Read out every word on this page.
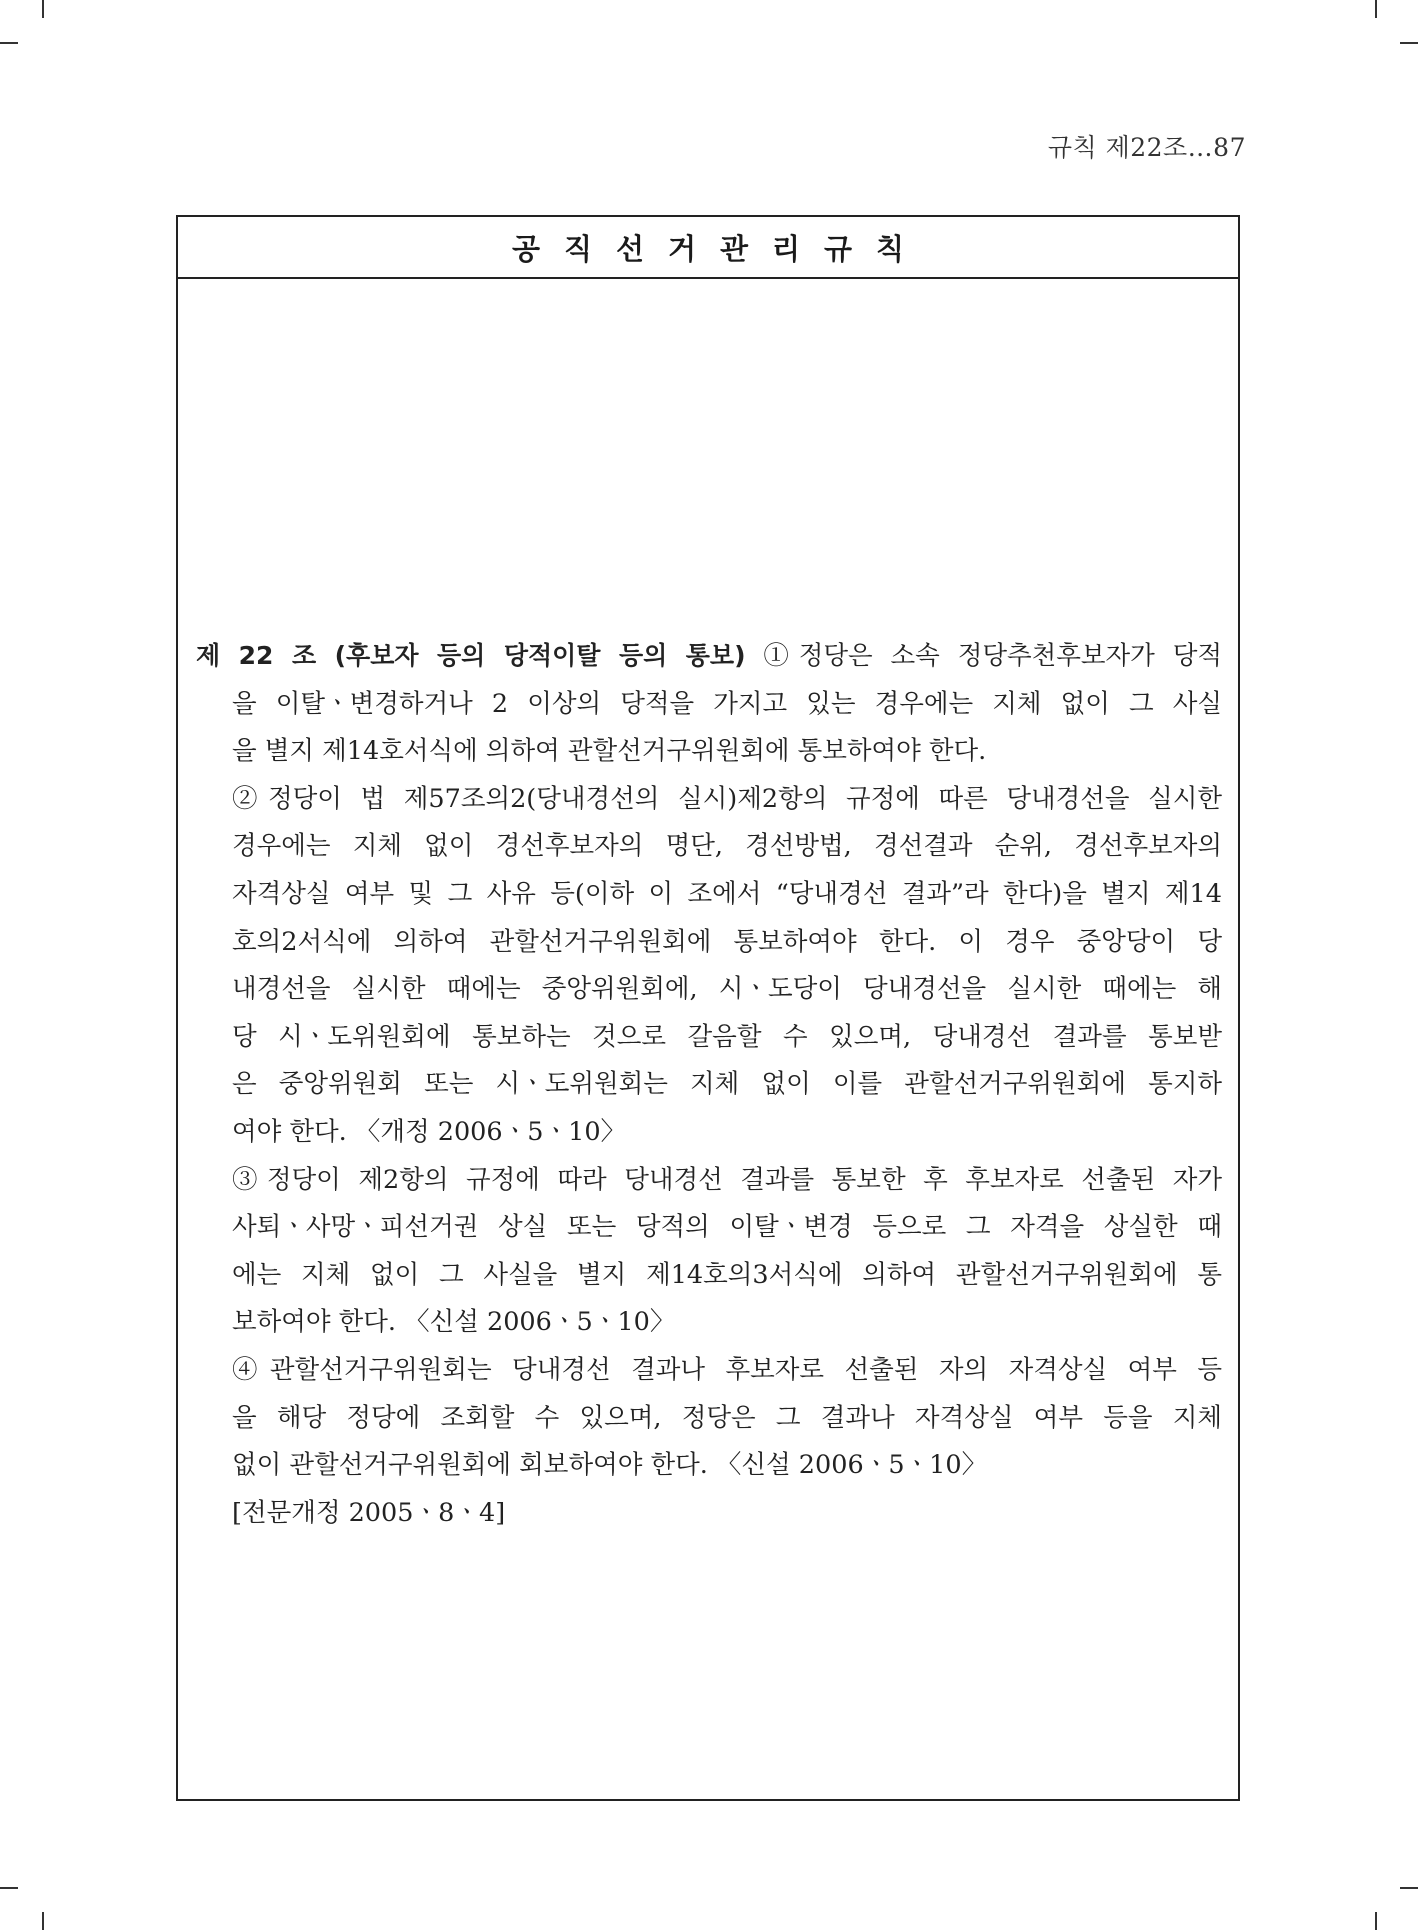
규칙 제22조…87
공직선거관리규칙
제 22 조 (후보자 등의 당적이탈 등의 통보) ①정당은 소속 정당추천후보자가 당적
을 이탈ㆍ변경하거나 2 이상의 당적을 가지고 있는 경우에는 지체 없이 그 사실
을 별지 제14호서식에 의하여 관할선거구위원회에 통보하여야 한다.
②정당이 법 제57조의2(당내경선의 실시)제2항의 규정에 따른 당내경선을 실시한
경우에는 지체 없이 경선후보자의 명단, 경선방법, 경선결과 순위, 경선후보자의
자격상실 여부 및 그 사유 등(이하 이 조에서 “당내경선 결과”라 한다)을 별지 제14
호의2서식에 의하여 관할선거구위원회에 통보하여야 한다. 이 경우 중앙당이 당
내경선을 실시한 때에는 중앙위원회에, 시ㆍ도당이 당내경선을 실시한 때에는 해
당 시ㆍ도위원회에 통보하는 것으로 갈음할 수 있으며, 당내경선 결과를 통보받
은 중앙위원회 또는 시ㆍ도위원회는 지체 없이 이를 관할선거구위원회에 통지하
여야 한다. 〈개정 2006ㆍ5ㆍ10〉
③정당이 제2항의 규정에 따라 당내경선 결과를 통보한 후 후보자로 선출된 자가
사퇴ㆍ사망ㆍ피선거권 상실 또는 당적의 이탈ㆍ변경 등으로 그 자격을 상실한 때
에는 지체 없이 그 사실을 별지 제14호의3서식에 의하여 관할선거구위원회에 통
보하여야 한다. 〈신설 2006ㆍ5ㆍ10〉
④관할선거구위원회는 당내경선 결과나 후보자로 선출된 자의 자격상실 여부 등
을 해당 정당에 조회할 수 있으며, 정당은 그 결과나 자격상실 여부 등을 지체
없이 관할선거구위원회에 회보하여야 한다. 〈신설 2006ㆍ5ㆍ10〉
[전문개정 2005ㆍ8ㆍ4]
